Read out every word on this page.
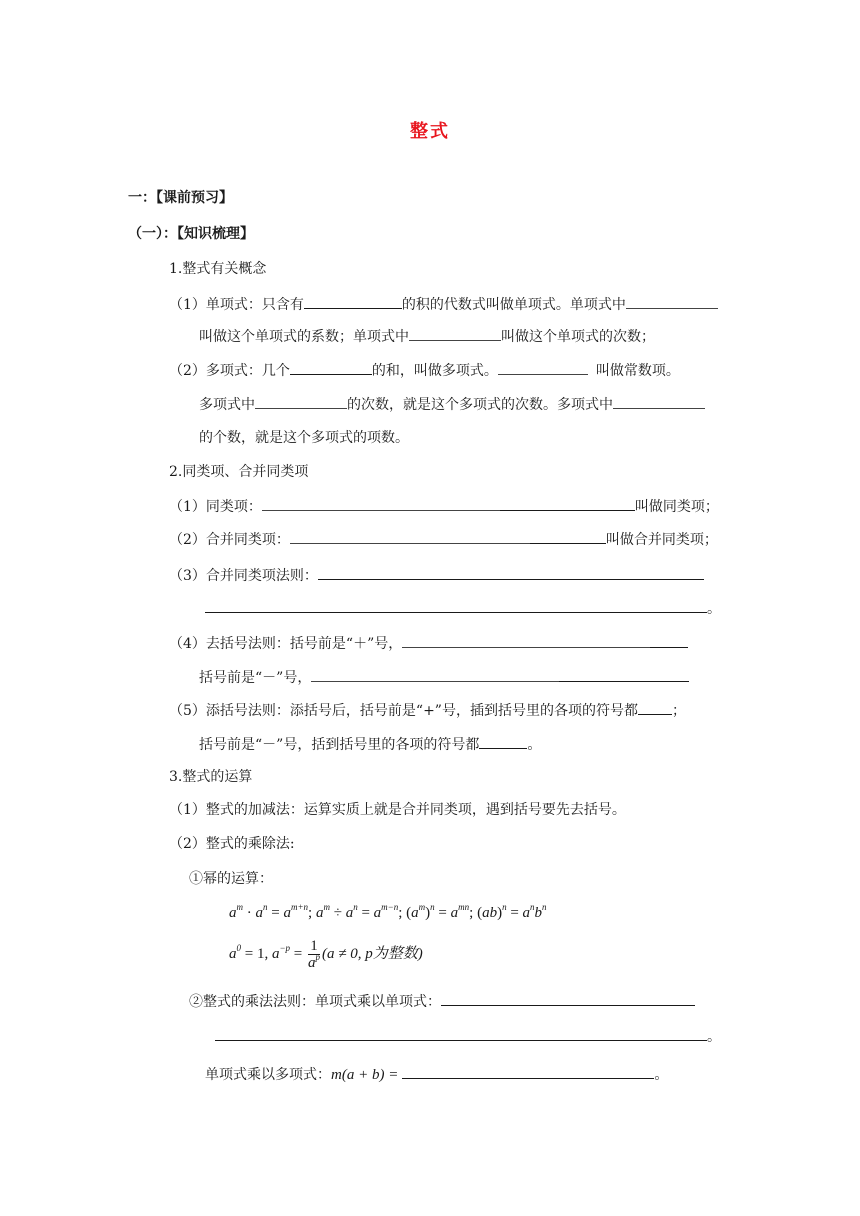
整式
一：【课前预习】
（一）：【知识梳理】
1.整式有关概念
（1）单项式：只含有	的积的代数式叫做单项式。单项式中
叫做这个单项式的系数；单项式中	叫做这个单项式的次数；
（2）多项式：几个	的和，叫做多项式。	叫做常数项。
多项式中	的次数，就是这个多项式的次数。多项式中
的个数，就是这个多项式的项数。
2.同类项、合并同类项
（1）同类项：	叫做同类项；
（2）合并同类项：	叫做合并同类项；
（3）合并同类项法则：
。
（4）去括号法则：括号前是“＋”号，
括号前是“－”号，
（5）添括号法则：添括号后，括号前是“+”号，插到括号里的各项的符号都 ；
括号前是“－”号，括到括号里的各项的符号都	。
3.整式的运算
（1）整式的加减法：运算实质上就是合并同类项，遇到括号要先去括号。
（2）整式的乘除法:
①幂的运算：
$a^m \cdot a^n = a^{m+n}$; $a^m \div a^n = a^{m-n}$; $(a^m)^n = a^{mn}$; $(ab)^n = a^nb^n$
$a^0 = 1$, $a^{-p} = \frac{1}{a^p} (a \ne 0$, p为整数)
②整式的乘法法则：单项式乘以单项式：
。
单项式乘以多项式：m(a + b) =	。
